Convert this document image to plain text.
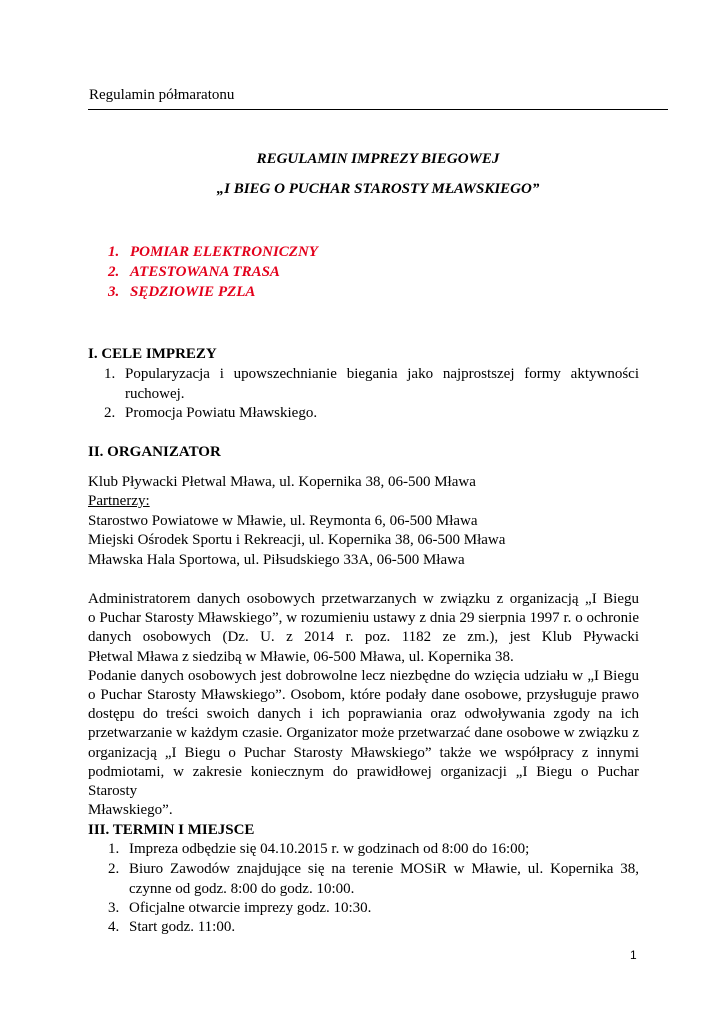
Regulamin półmaratonu
REGULAMIN IMPREZY BIEGOWEJ
„I BIEG O PUCHAR STAROSTY MŁAWSKIEGO”
1. POMIAR ELEKTRONICZNY
2. ATESTOWANA TRASA
3. SĘDZIOWIE PZLA
I. CELE IMPREZY
1. Popularyzacja i upowszechnianie biegania jako najprostszej formy aktywności ruchowej.
2. Promocja Powiatu Mławskiego.
II. ORGANIZATOR
Klub Pływacki Płetwal Mława, ul. Kopernika 38, 06-500 Mława
Partnerzy:
Starostwo Powiatowe w Mławie, ul. Reymonta 6, 06-500 Mława
Miejski Ośrodek Sportu i Rekreacji, ul. Kopernika 38, 06-500 Mława
Mławska Hala Sportowa, ul. Piłsudskiego 33A, 06-500 Mława
Administratorem danych osobowych przetwarzanych w związku z organizacją „I Biegu
o Puchar Starosty Mławskiego”, w rozumieniu ustawy z dnia 29 sierpnia 1997 r. o ochronie
danych osobowych (Dz. U. z 2014 r. poz. 1182 ze zm.), jest Klub Pływacki
Płetwal Mława z siedzibą w Mławie, 06-500 Mława, ul. Kopernika 38.
Podanie danych osobowych jest dobrowolne lecz niezbędne do wzięcia udziału w „I Biegu
o Puchar Starosty Mławskiego”. Osobom, które podały dane osobowe, przysługuje prawo
dostępu do treści swoich danych i ich poprawiania oraz odwoływania zgody na ich
przetwarzanie w każdym czasie. Organizator może przetwarzać dane osobowe w związku z
organizacją „I Biegu o Puchar Starosty Mławskiego” także we współpracy z innymi
podmiotami, w zakresie koniecznym do prawidłowej organizacji „I Biegu o Puchar Starosty
Mławskiego”.
III. TERMIN I MIEJSCE
1. Impreza odbędzie się 04.10.2015 r. w godzinach od 8:00 do 16:00;
2. Biuro Zawodów znajdujące się na terenie MOSiR w Mławie, ul. Kopernika 38, czynne od godz. 8:00 do godz. 10:00.
3. Oficjalne otwarcie imprezy godz. 10:30.
4. Start godz. 11:00.
1
